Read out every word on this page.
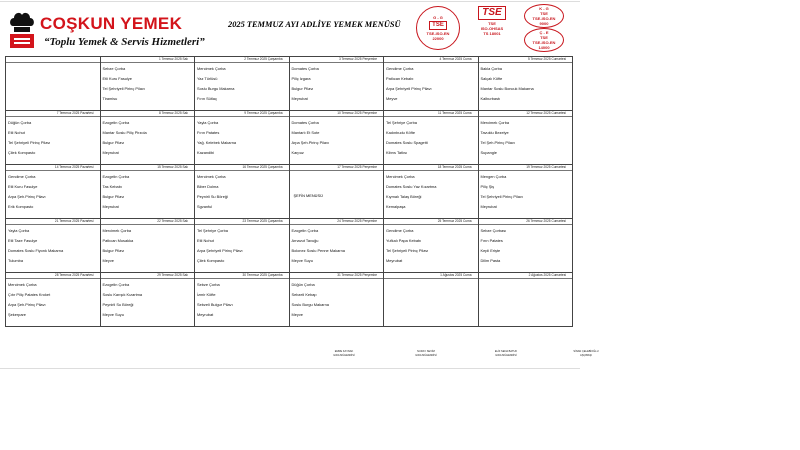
COŞKUN YEMEK
“Toplu Yemek & Servis Hizmetleri”
2025 TEMMUZ AYI ADLİYE YEMEK MENÜSÜ
G - G
TSE
TSE-ISO-EN
22000
TSE
TSE
ISO-OHSAS
TS 18001
K - G
TSE
TSE-ISO-EN
9000
Ç - E
TSE
TSE-ISO-EN
14000
1 Temmuz 2025 Salı
Sebze Çorba
Etli Kuru Fasulye
Tel Şehriyeli Pirinç Pilavı
Tiramisu
2 Temmuz 2025 Çarşamba
Mercimek Çorba
Yaz Türlüsü
Soslu Burgu Makarna
Fırın Sütlaç
3 Temmuz 2025 Perşembe
Domates Çorba
Piliç Izgara
Bulgur Pilavı
Meyrubat
4 Temmuz 2025 Cuma
Gendime Çorba
Patlıcan Kebabı
Arpa Şehriyeli Pirinç Pilavı
Meyve
5 Temmuz 2025 Cumartesi
Bakla Çorba
Salçalı Köfte
Mantar Soslu Boncuk Makarna
Kalburbastı
7 Temmuz 2025 Pazartesi
Düğün Çorba
Etli Nohut
Tel Şehriyeli Pirinç Pilavı
Çilek Kompasto
8 Temmuz 2025 Salı
Ezogelin Çorba
Mantar Soslu Piliç Pirzola
Bulgur Pilavı
Meyrubat
9 Temmuz 2025 Çarşamba
Yayla Çorba
Fırın Patates
Yağ. Kelebek Makarna
Kazandibi
10 Temmuz 2025 Perşembe
Domates Çorba
Mantarlı Et Sote
Arpa Şeh.Pirinç Pilavı
Karpuz
11 Temmuz 2025 Cuma
Tel Şehriye Çorba
Kadınbudu Köfte
Domates Soslu Spagetti
Kibrıs Tatlısı
12 Temmuz 2025 Cumartesi
Mercimek Çorba
Tavuklu Bezelye
Tel Şeh.Pirinç Pilavı
Supangle
14 Temmuz 2025 Pazartesi
Gendime Çorba
Etli Kuru Fasulye
Arpa Şeh.Pirinç Pilavı
Erik Kompasto
15 Temmuz 2025 Salı
Ezogelin Çorba
Tas Kebabı
Bulgur Pilavı
Meyrubat
16 Temmuz 2025 Çarşamba
Mercimek Çorba
Biber Dolma
Peynirli Su Böreği
Sgvanful
17 Temmuz 2025 Perşembe
ŞEFİN MENÜSÜ
18 Temmuz 2025 Cuma
Mercimek Çorba
Domates Soslu Yaz Kızartma
Kıymalı Talaş Böreği
Kemalpaşa
19 Temmuz 2025 Cumartesi
Mengen Çorba
Piliç Şiş
Tel Şehriyeli Pirinç Pilavı
Meyrubat
21 Temmuz 2025 Pazartesi
Yayla Çorba
Etli Taze Fasulye
Domates Soslu Fiyonk Makarna
Tulumba
22 Temmuz 2025 Salı
Mercimek Çorba
Patlıcan Musakka
Bulgur Pilavı
Meyve
23 Temmuz 2025 Çarşamba
Tel Şehriye Çorba
Etli Nohut
Arpa Şehriyeli Pirinç Pilavı
Çilek Kompasto
24 Temmuz 2025 Perşembe
Ezogelin Çorba
Arnavut Tavuğu
Bolonez Soslu Penne Makarna
Meyve Suyu
25 Temmuz 2025 Cuma
Gendime Çorba
Yufkalı Papa Kebabı
Tel Şehriyeli Pirinç Pilavı
Meyrubat
26 Temmuz 2025 Cumartesi
Sebze Çorbası
Fırın Patates
Kepli Erişte
Dilim Pasta
28 Temmuz 2025 Pazartesi
Mercimek Çorba
Çıtır Piliç Patates Kroket
Arpa Şeh.Pirinç Pilavı
Şekerpare
29 Temmuz 2025 Salı
Ezogelin Çorba
Soslu Karışık Kızartma
Peynirli Su Böreği
Meyve Suyu
30 Temmuz 2025 Çarşamba
Sebze Çorba
İzmir Köfte
Sebzeli Bulgur Pilavı
Meyrubat
31 Temmuz 2025 Perşembe
Düğün Çorba
Sebzeli Kebap
Soslu Burgu Makarna
Meyve
1 Ağustos 2025 Cuma	2 Ağustos 2025 Cumartesi
EMRE KAYNAK
GIDA MÜHENDİSİ
NURAY SEVİM
GIDA MÜHENDİSİ
ELİF SENA BATUK
GIDA MÜHENDİSİ
SİNAN ÇELEBİOĞLU
AŞÇIBAŞI
